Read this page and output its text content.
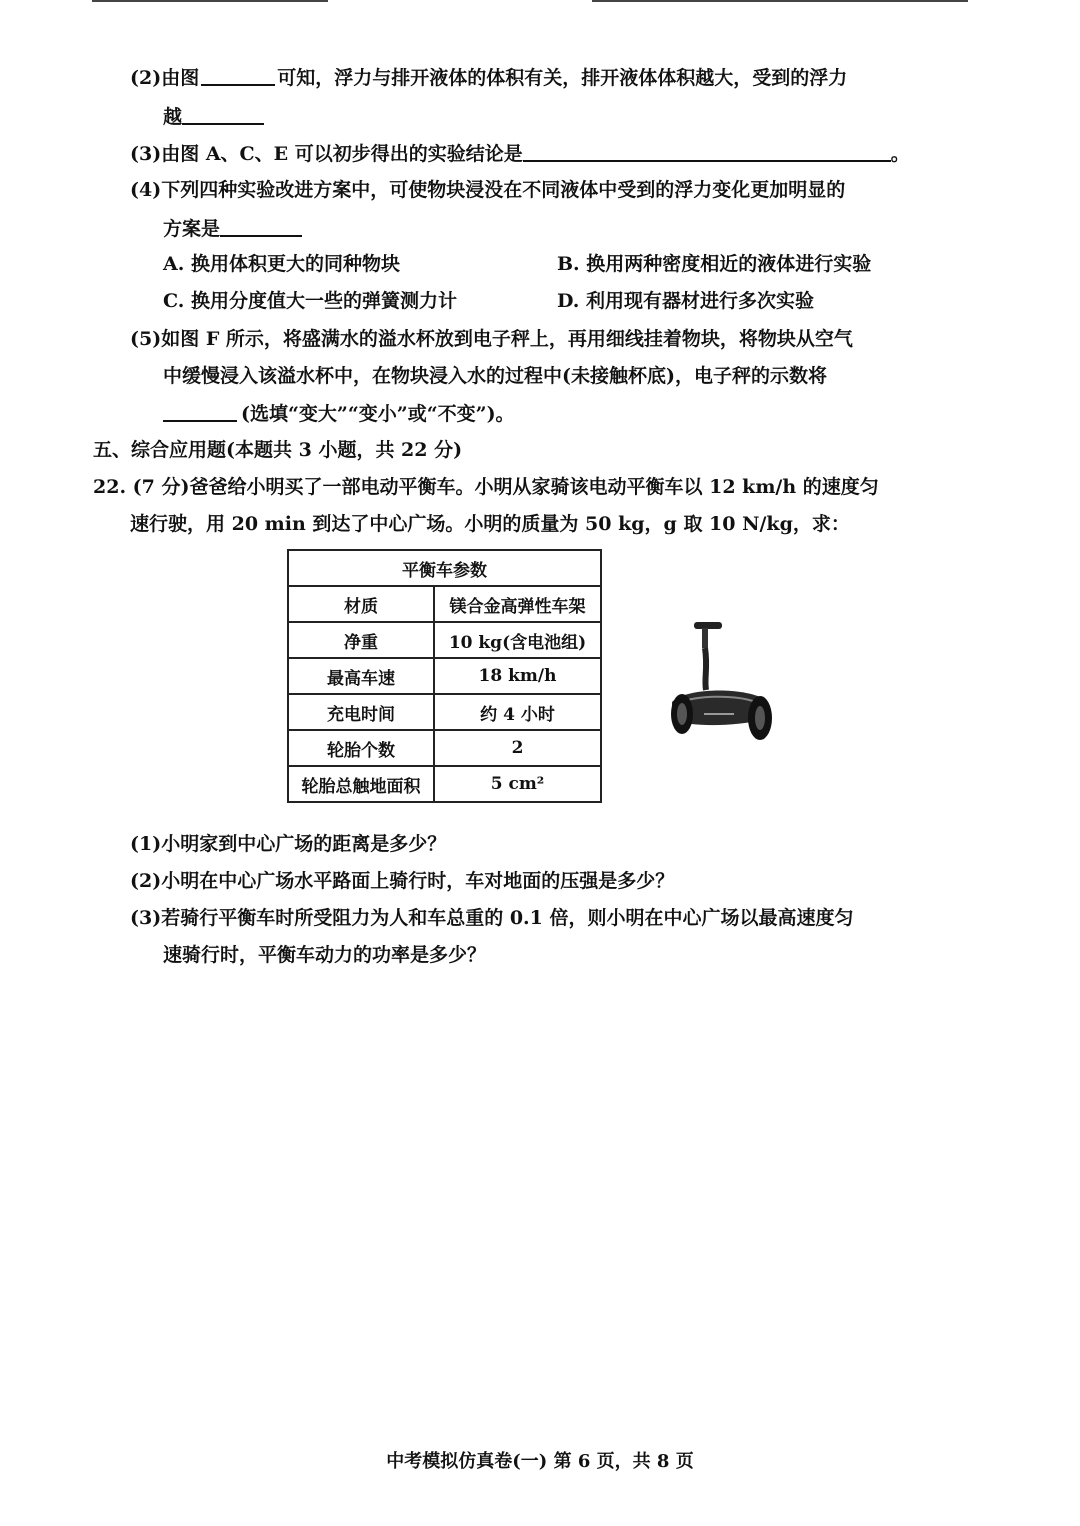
(2)由图	可知，浮力与排开液体的体积有关，排开液体体积越大，受到的浮力
越
(3)由图 A、C、E 可以初步得出的实验结论是	。
(4)下列四种实验改进方案中，可使物块浸没在不同液体中受到的浮力变化更加明显的
方案是
A. 换用体积更大的同种物块	B. 换用两种密度相近的液体进行实验
C. 换用分度值大一些的弹簧测力计	D. 利用现有器材进行多次实验
(5)如图 F 所示，将盛满水的溢水杯放到电子秤上，再用细线挂着物块，将物块从空气
中缓慢浸入该溢水杯中，在物块浸入水的过程中(未接触杯底)，电子秤的示数将
(选填“变大”“变小”或“不变”)。
五、综合应用题(本题共 3 小题，共 22 分)
22. (7 分)爸爸给小明买了一部电动平衡车。小明从家骑该电动平衡车以 12 km/h 的速度匀
速行驶，用 20 min 到达了中心广场。小明的质量为 50 kg，g 取 10 N/kg，求：
平衡车参数	
材质	镁合金高弹性车架
净重	10 kg(含电池组)
最高车速	18 km/h
充电时间	约 4 小时
轮胎个数	2
轮胎总触地面积	5 cm²
(1)小明家到中心广场的距离是多少？
(2)小明在中心广场水平路面上骑行时，车对地面的压强是多少？
(3)若骑行平衡车时所受阻力为人和车总重的 0.1 倍，则小明在中心广场以最高速度匀
速骑行时，平衡车动力的功率是多少？
中考模拟仿真卷(一) 第 6 页，共 8 页
